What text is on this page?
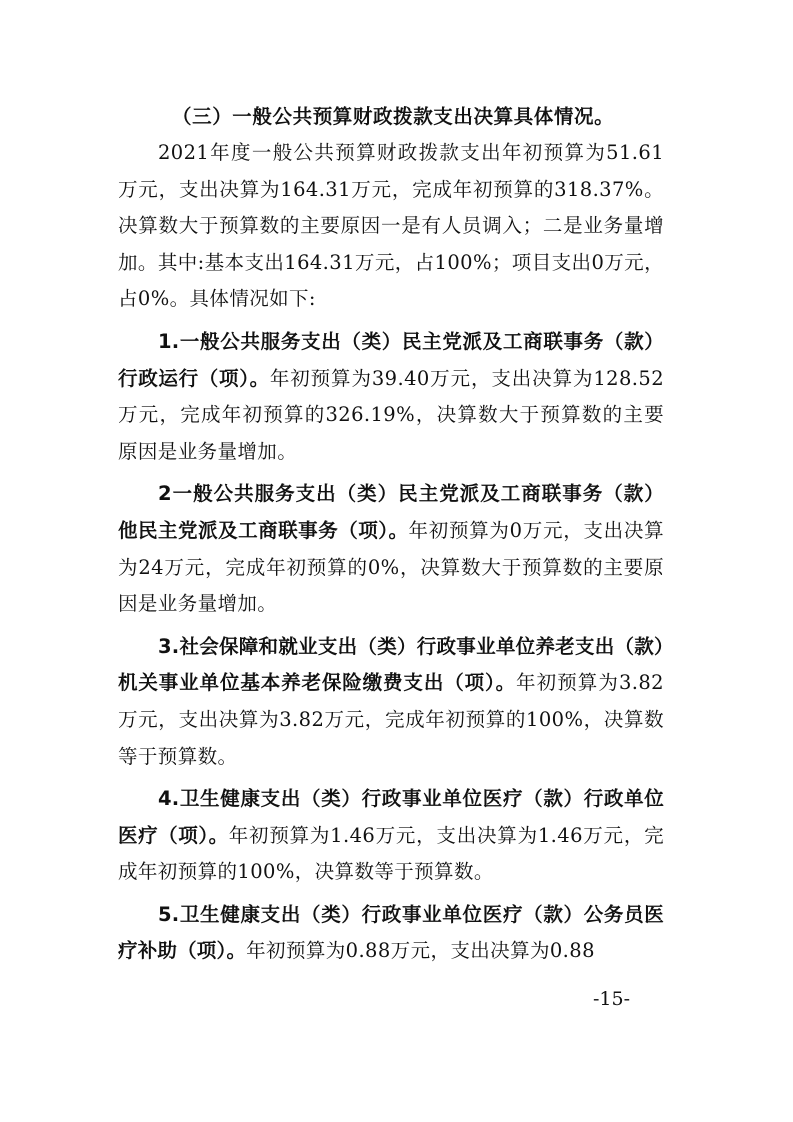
（三）一般公共预算财政拨款支出决算具体情况。

2021年度一般公共预算财政拨款支出年初预算为51.61万元，支出决算为164.31万元，完成年初预算的318.37%。决算数大于预算数的主要原因一是有人员调入；二是业务量增加。其中:基本支出164.31万元，占100%；项目支出0万元，占0%。具体情况如下:

1.一般公共服务支出（类）民主党派及工商联事务（款）行政运行（项）。年初预算为39.40万元，支出决算为128.52万元，完成年初预算的326.19%，决算数大于预算数的主要原因是业务量增加。

2一般公共服务支出（类）民主党派及工商联事务（款）他民主党派及工商联事务（项）。年初预算为0万元，支出决算为24万元，完成年初预算的0%，决算数大于预算数的主要原因是业务量增加。

3.社会保障和就业支出（类）行政事业单位养老支出（款）机关事业单位基本养老保险缴费支出（项）。年初预算为3.82万元，支出决算为3.82万元，完成年初预算的100%，决算数等于预算数。

4.卫生健康支出（类）行政事业单位医疗（款）行政单位医疗（项）。年初预算为1.46万元，支出决算为1.46万元，完成年初预算的100%，决算数等于预算数。

5.卫生健康支出（类）行政事业单位医疗（款）公务员医疗补助（项）。年初预算为0.88万元，支出决算为0.88

-15-
